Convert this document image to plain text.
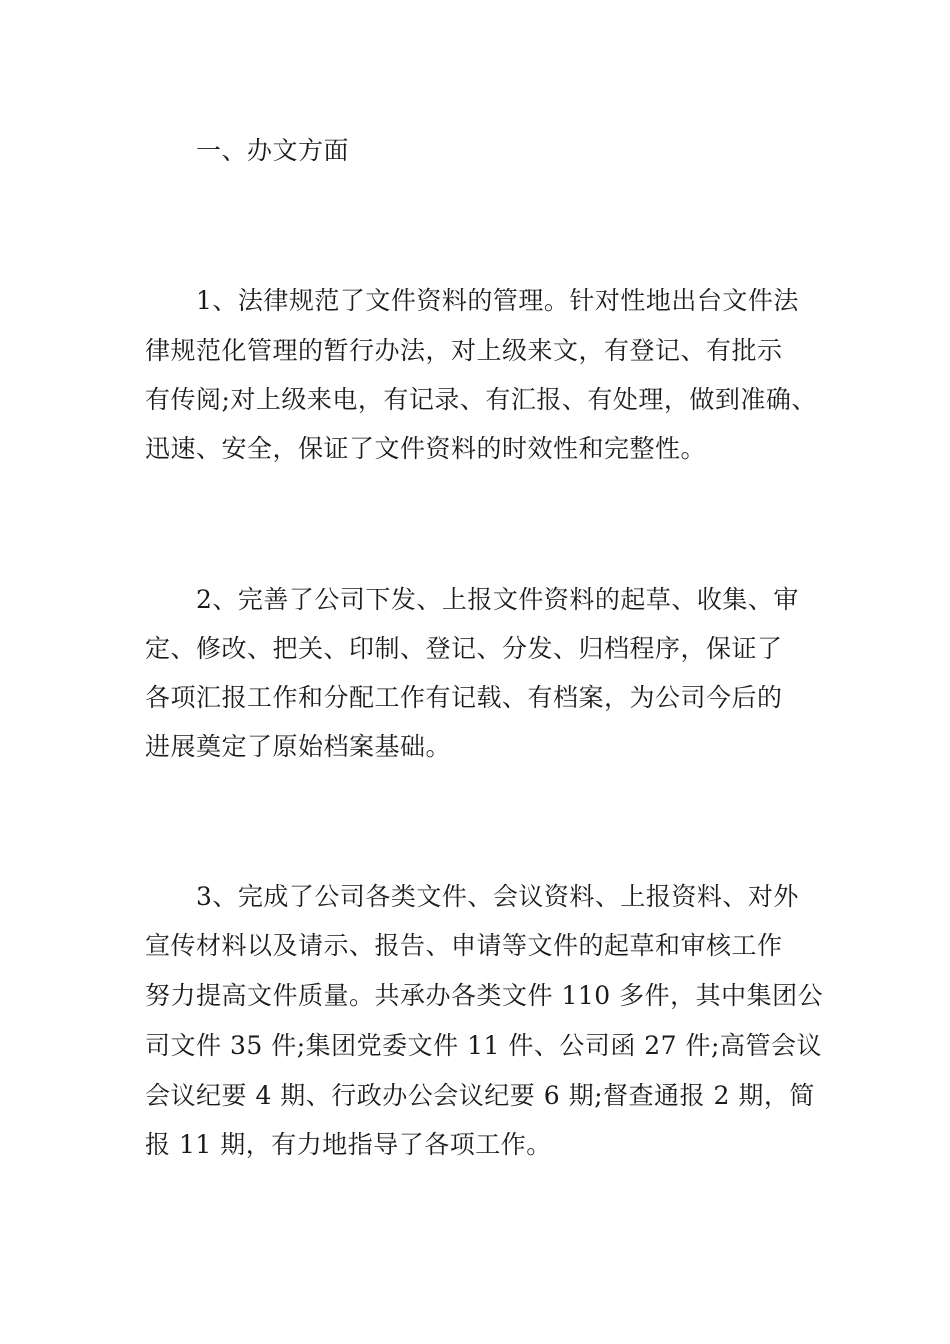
一、办文方面
1、法律规范了文件资料的管理。针对性地出台文件法
律规范化管理的暂行办法，对上级来文，有登记、有批示
有传阅;对上级来电，有记录、有汇报、有处理，做到准确、
迅速、安全，保证了文件资料的时效性和完整性。
2、完善了公司下发、上报文件资料的起草、收集、审
定、修改、把关、印制、登记、分发、归档程序，保证了
各项汇报工作和分配工作有记载、有档案，为公司今后的
进展奠定了原始档案基础。
3、完成了公司各类文件、会议资料、上报资料、对外
宣传材料以及请示、报告、申请等文件的起草和审核工作
努力提高文件质量。共承办各类文件 110 多件，其中集团公
司文件 35 件;集团党委文件 11 件、公司函 27 件;高管会议
会议纪要 4 期、行政办公会议纪要 6 期;督查通报 2 期，简
报 11 期，有力地指导了各项工作。
